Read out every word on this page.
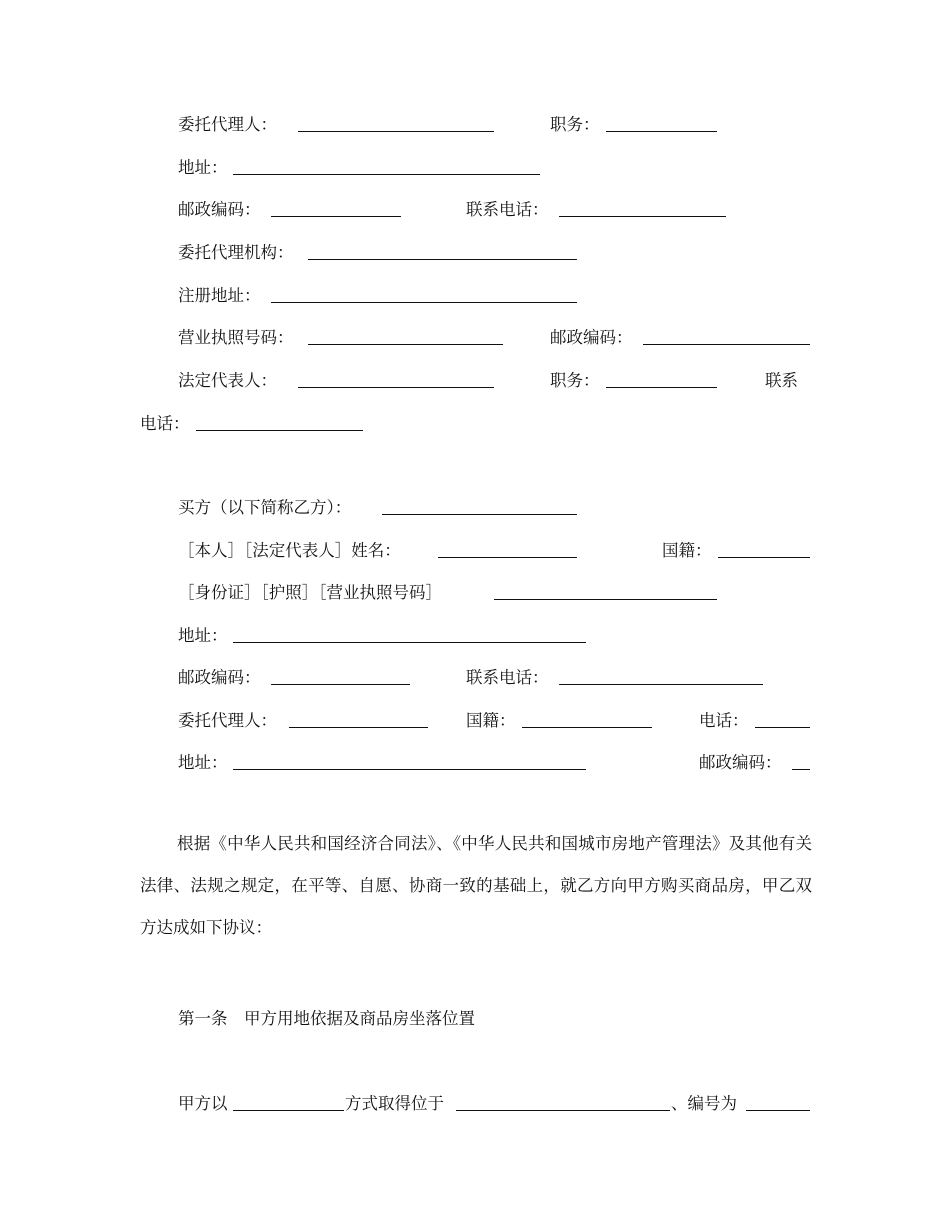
委托代理人：	职务：
地址：
邮政编码：	联系电话：
委托代理机构：
注册地址：
营业执照号码：	邮政编码：
法定代表人：	职务：	联系
电话：
买方（以下简称乙方）：
［本人］［法定代表人］姓名：	国籍：
［身份证］［护照］［营业执照号码］
地址：
邮政编码：	联系电话：
委托代理人：	国籍：	电话：
地址：	邮政编码：
根据《中华人民共和国经济合同法》、《中华人民共和国城市房地产管理法》及其他有关法律、法规之规定，在平等、自愿、协商一致的基础上，就乙方向甲方购买商品房，甲乙双方达成如下协议：
第一条　甲方用地依据及商品房坐落位置
甲方以	方式取得位于	、编号为
